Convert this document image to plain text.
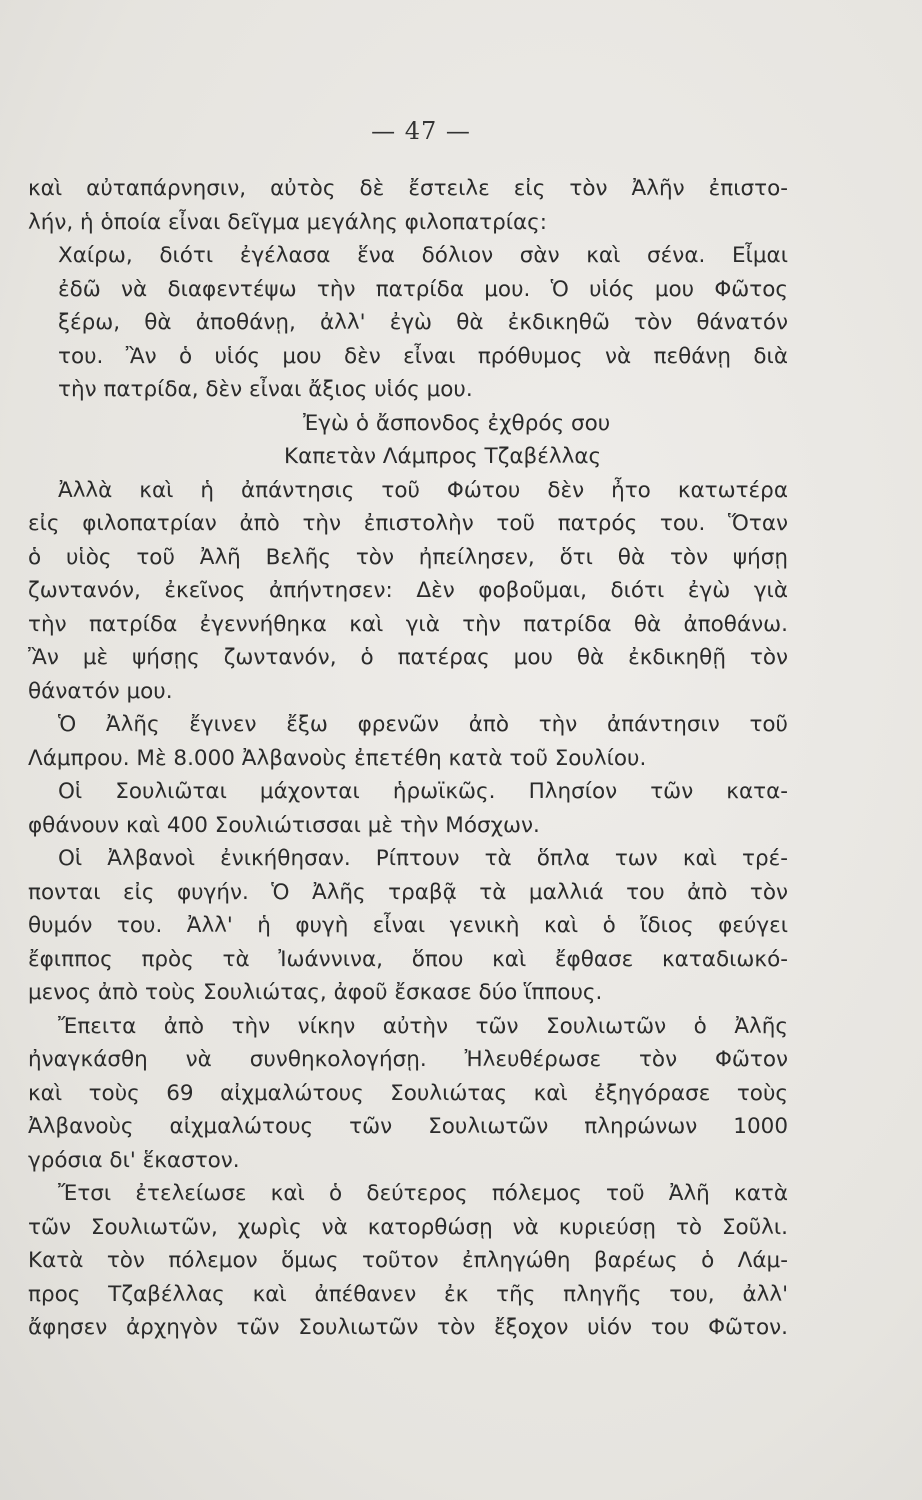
— 47 —
καὶ αὐταπάρνησιν, αὐτὸς δὲ ἔστειλε εἰς τὸν Ἀλῆν ἐπιστο-
λήν, ἡ ὁποία εἶναι δεῖγμα μεγάλης φιλοπατρίας:
Χαίρω, διότι ἐγέλασα ἕνα δόλιον σὰν καὶ σένα. Εἶμαι
ἐδῶ νὰ διαφεντέψω τὴν πατρίδα μου. Ὁ υἱός μου Φῶτος
ξέρω, θὰ ἀποθάνῃ, ἀλλ' ἐγὼ θὰ ἐκδικηθῶ τὸν θάνατόν
του. Ἂν ὁ υἱός μου δὲν εἶναι πρόθυμος νὰ πεθάνῃ διὰ
τὴν πατρίδα, δὲν εἶναι ἄξιος υἱός μου.
Ἐγὼ ὁ ἄσπονδος ἐχθρός σου
Καπετὰν Λάμπρος Τζαβέλλας
Ἀλλὰ καὶ ἡ ἀπάντησις τοῦ Φώτου δὲν ἦτο κατωτέρα
εἰς φιλοπατρίαν ἀπὸ τὴν ἐπιστολὴν τοῦ πατρός του. Ὅταν
ὁ υἱὸς τοῦ Ἀλῆ Βελῆς τὸν ἠπείλησεν, ὅτι θὰ τὸν ψήσῃ
ζωντανόν, ἐκεῖνος ἀπήντησεν: Δὲν φοβοῦμαι, διότι ἐγὼ γιὰ
τὴν πατρίδα ἐγεννήθηκα καὶ γιὰ τὴν πατρίδα θὰ ἀποθάνω.
Ἂν μὲ ψήσῃς ζωντανόν, ὁ πατέρας μου θὰ ἐκδικηθῇ τὸν
θάνατόν μου.
Ὁ Ἀλῆς ἔγινεν ἔξω φρενῶν ἀπὸ τὴν ἀπάντησιν τοῦ
Λάμπρου. Μὲ 8.000 Ἀλβανοὺς ἐπετέθη κατὰ τοῦ Σουλίου.
Οἱ Σουλιῶται μάχονται ἡρωϊκῶς. Πλησίον τῶν κατα-
φθάνουν καὶ 400 Σουλιώτισσαι μὲ τὴν Μόσχων.
Οἱ Ἀλβανοὶ ἐνικήθησαν. Ρίπτουν τὰ ὅπλα των καὶ τρέ-
πονται εἰς φυγήν. Ὁ Ἀλῆς τραβᾷ τὰ μαλλιά του ἀπὸ τὸν
θυμόν του. Ἀλλ' ἡ φυγὴ εἶναι γενικὴ καὶ ὁ ἴδιος φεύγει
ἔφιππος πρὸς τὰ Ἰωάννινα, ὅπου καὶ ἔφθασε καταδιωκό-
μενος ἀπὸ τοὺς Σουλιώτας, ἀφοῦ ἔσκασε δύο ἵππους.
Ἔπειτα ἀπὸ τὴν νίκην αὐτὴν τῶν Σουλιωτῶν ὁ Ἀλῆς
ἠναγκάσθη νὰ συνθηκολογήσῃ. Ἠλευθέρωσε τὸν Φῶτον
καὶ τοὺς 69 αἰχμαλώτους Σουλιώτας καὶ ἐξηγόρασε τοὺς
Ἀλβανοὺς αἰχμαλώτους τῶν Σουλιωτῶν πληρώνων 1000
γρόσια δι' ἕκαστον.
Ἔτσι ἐτελείωσε καὶ ὁ δεύτερος πόλεμος τοῦ Ἀλῆ κατὰ
τῶν Σουλιωτῶν, χωρὶς νὰ κατορθώσῃ νὰ κυριεύσῃ τὸ Σοῦλι.
Κατὰ τὸν πόλεμον ὅμως τοῦτον ἐπληγώθη βαρέως ὁ Λάμ-
προς Τζαβέλλας καὶ ἀπέθανεν ἐκ τῆς πληγῆς του, ἀλλ'
ἄφησεν ἀρχηγὸν τῶν Σουλιωτῶν τὸν ἔξοχον υἱόν του Φῶτον.
